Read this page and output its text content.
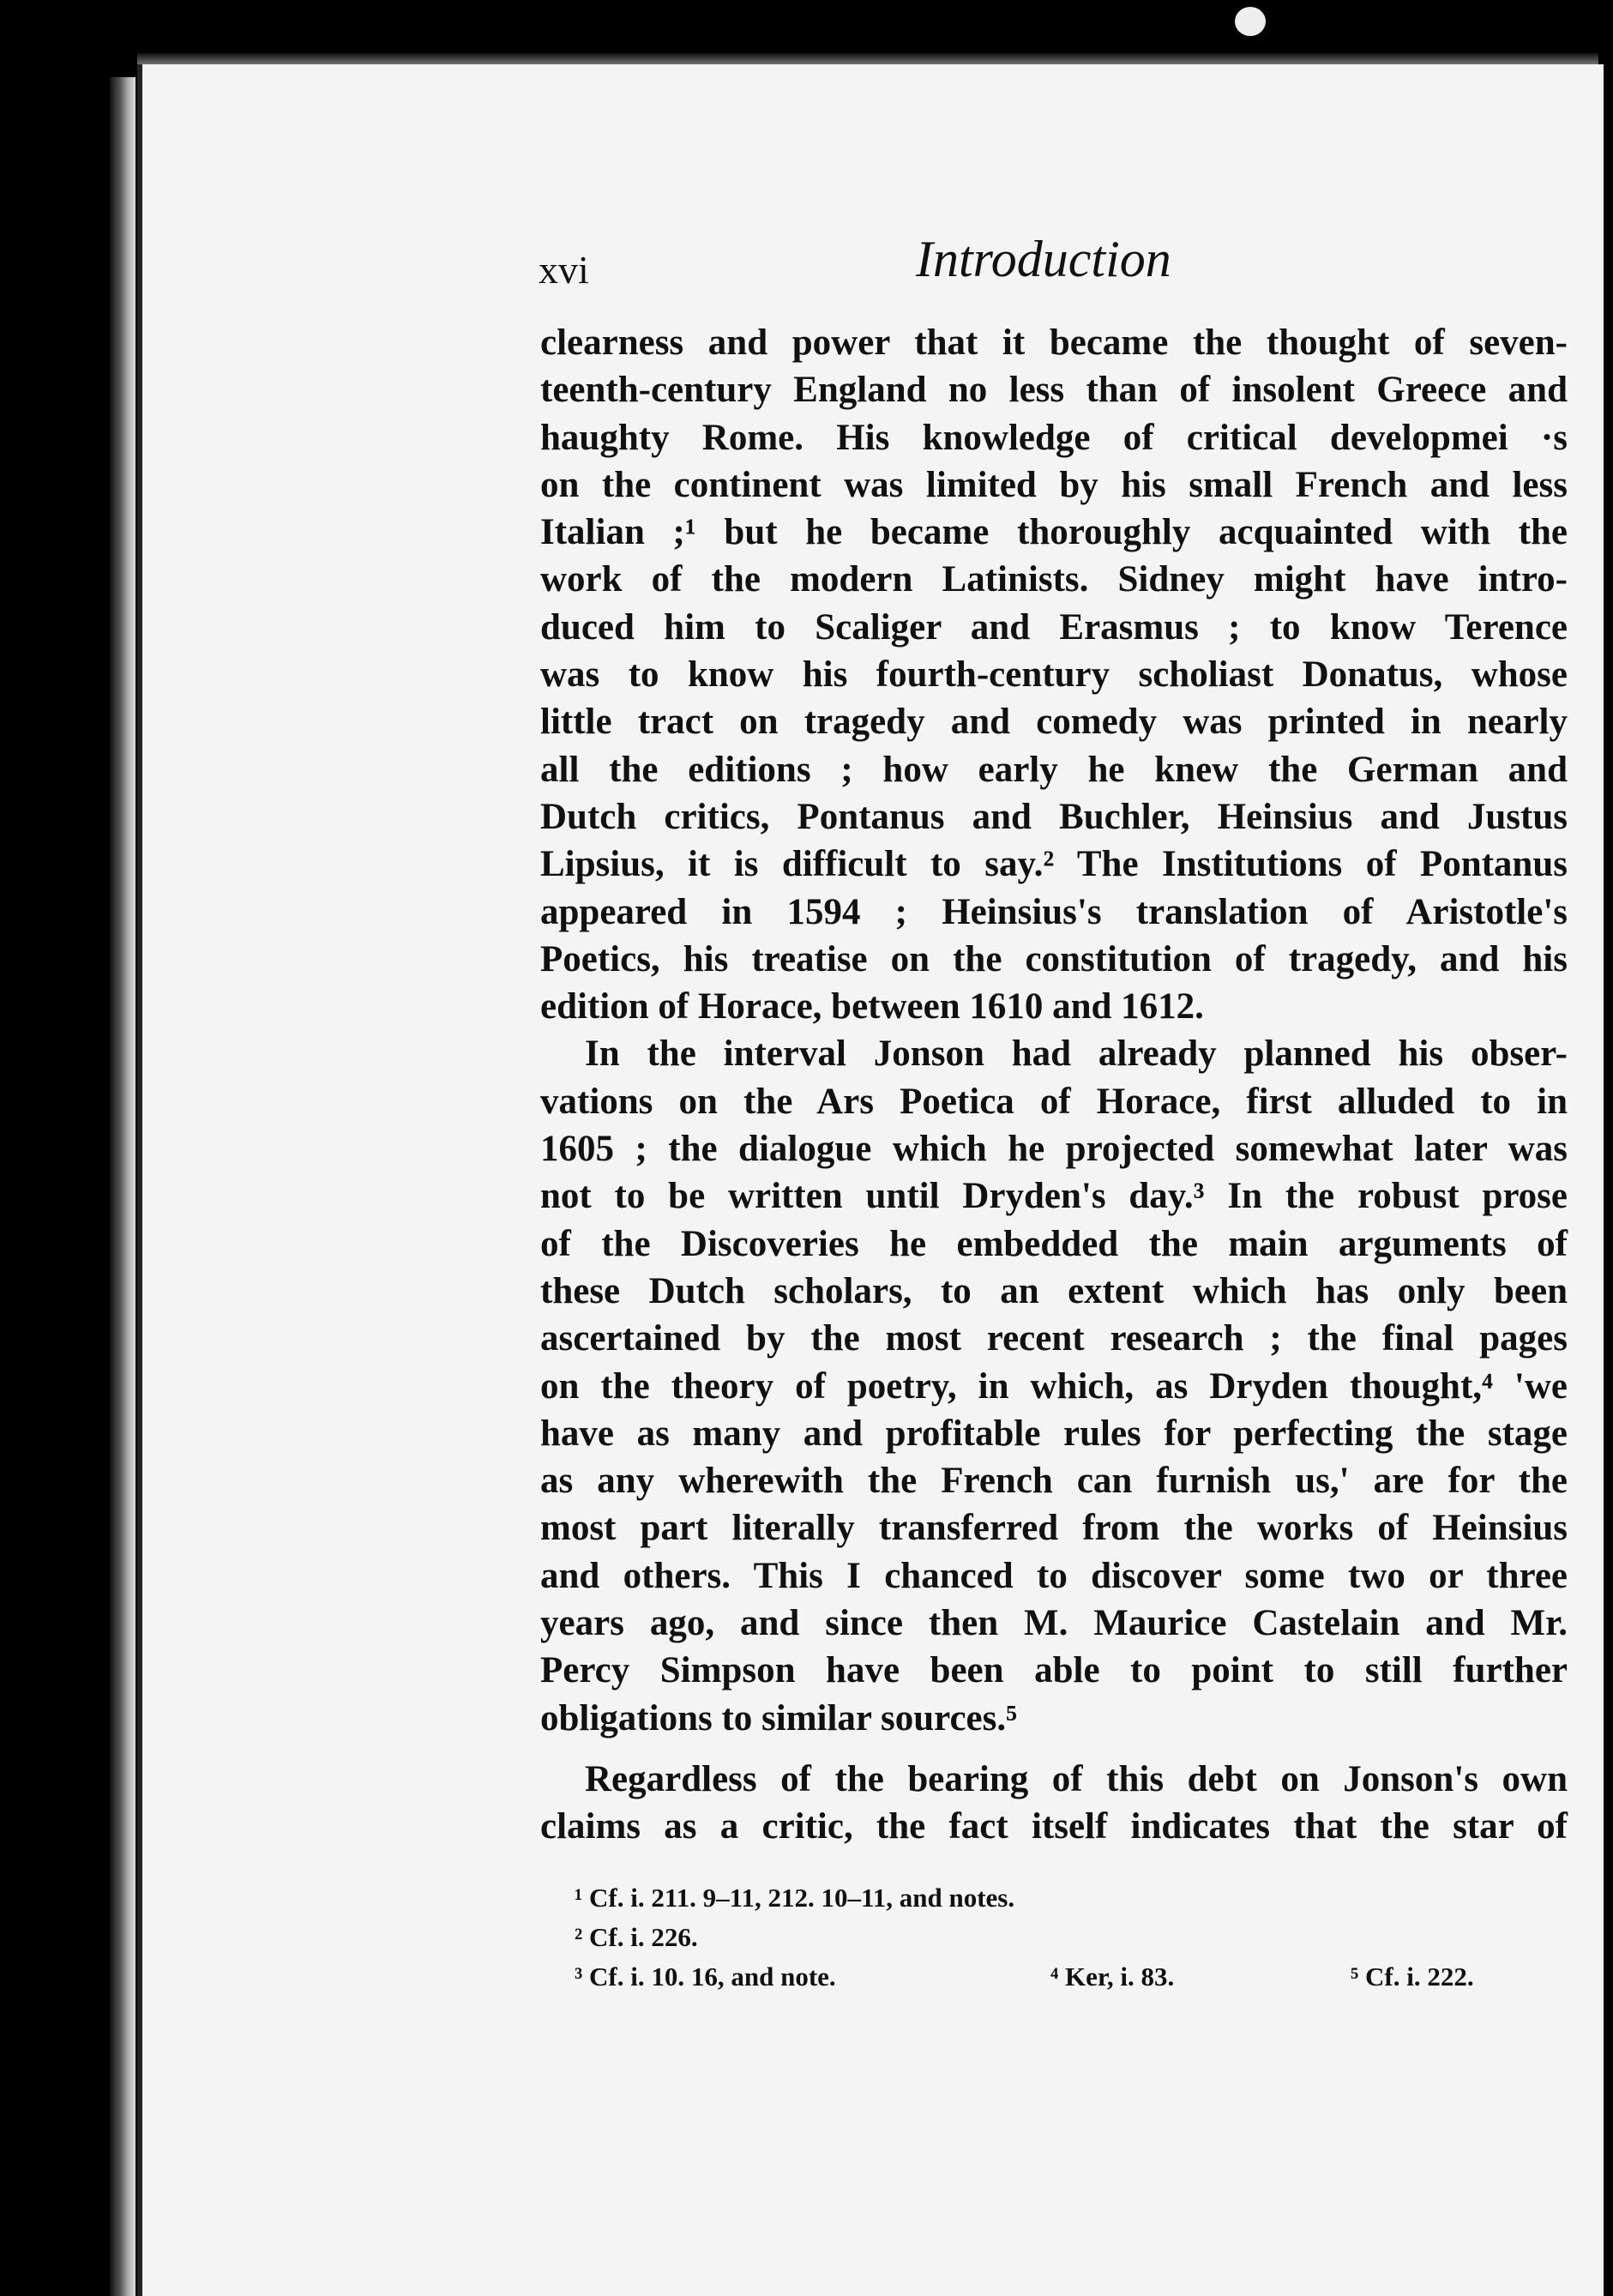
xvi	Introduction
clearness and power that it became the thought of seven-
teenth-century England no less than of insolent Greece and
haughty Rome. His knowledge of critical developmei ·s
on the continent was limited by his small French and less
Italian ;¹ but he became thoroughly acquainted with the
work of the modern Latinists. Sidney might have intro-
duced him to Scaliger and Erasmus ; to know Terence
was to know his fourth-century scholiast Donatus, whose
little tract on tragedy and comedy was printed in nearly
all the editions ; how early he knew the German and
Dutch critics, Pontanus and Buchler, Heinsius and Justus
Lipsius, it is difficult to say.² The Institutions of Pontanus
appeared in 1594 ; Heinsius's translation of Aristotle's
Poetics, his treatise on the constitution of tragedy, and his
edition of Horace, between 1610 and 1612.
In the interval Jonson had already planned his obser-
vations on the Ars Poetica of Horace, first alluded to in
1605 ; the dialogue which he projected somewhat later was
not to be written until Dryden's day.³ In the robust prose
of the Discoveries he embedded the main arguments of
these Dutch scholars, to an extent which has only been
ascertained by the most recent research ; the final pages
on the theory of poetry, in which, as Dryden thought,⁴ 'we
have as many and profitable rules for perfecting the stage
as any wherewith the French can furnish us,' are for the
most part literally transferred from the works of Heinsius
and others. This I chanced to discover some two or three
years ago, and since then M. Maurice Castelain and Mr.
Percy Simpson have been able to point to still further
obligations to similar sources.⁵
Regardless of the bearing of this debt on Jonson's own
claims as a critic, the fact itself indicates that the star of
¹ Cf. i. 211. 9–11, 212. 10–11, and notes.
² Cf. i. 226.
³ Cf. i. 10. 16, and note.	⁴ Ker, i. 83.	⁵ Cf. i. 222.
